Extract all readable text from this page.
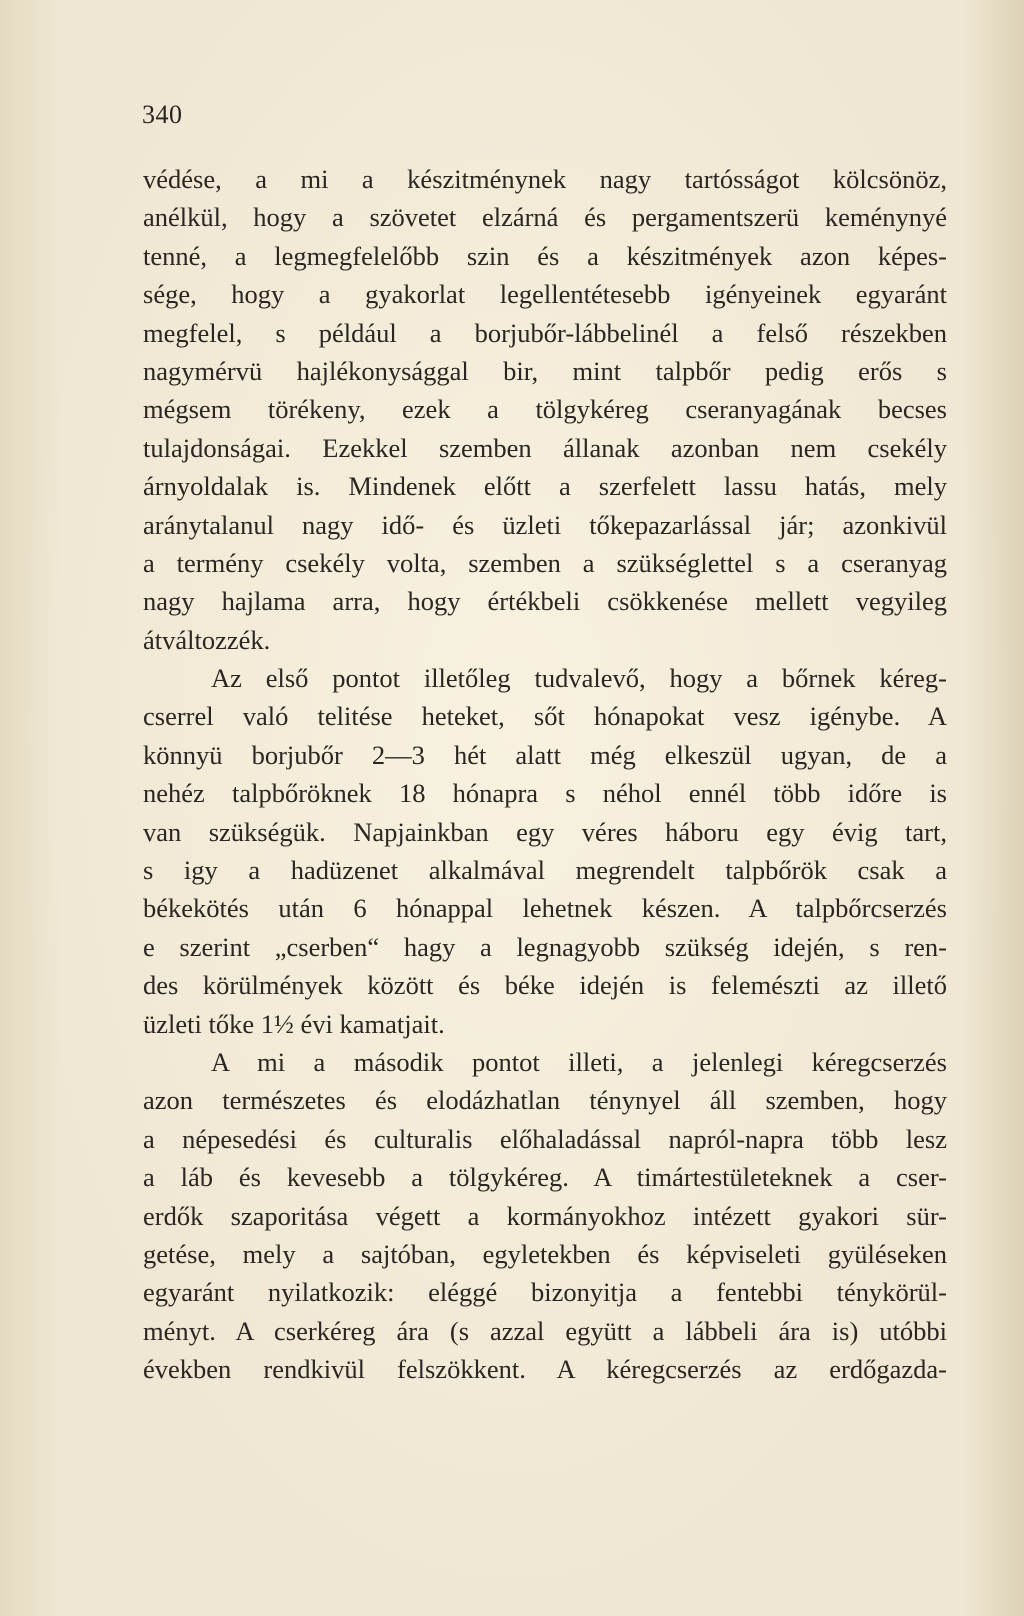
340
védése, a mi a készitménynek nagy tartósságot kölcsönöz,
anélkül, hogy a szövetet elzárná és pergamentszerü keménynyé
tenné, a legmegfelelőbb szin és a készitmények azon képes-
sége, hogy a gyakorlat legellentétesebb igényeinek egyaránt
megfelel, s például a borjubőr-lábbelinél a felső részekben
nagymérvü hajlékonysággal bir, mint talpbőr pedig erős s
mégsem törékeny, ezek a tölgykéreg cseranyagának becses
tulajdonságai. Ezekkel szemben állanak azonban nem csekély
árnyoldalak is. Mindenek előtt a szerfelett lassu hatás, mely
aránytalanul nagy idő- és üzleti tőkepazarlással jár; azonkivül
a termény csekély volta, szemben a szükséglettel s a cseranyag
nagy hajlama arra, hogy értékbeli csökkenése mellett vegyileg
átváltozzék.
Az első pontot illetőleg tudvalevő, hogy a bőrnek kéreg-
cserrel való telitése heteket, sőt hónapokat vesz igénybe. A
könnyü borjubőr 2—3 hét alatt még elkeszül ugyan, de a
nehéz talpbőröknek 18 hónapra s néhol ennél több időre is
van szükségük. Napjainkban egy véres háboru egy évig tart,
s igy a hadüzenet alkalmával megrendelt talpbőrök csak a
békekötés után 6 hónappal lehetnek készen. A talpbőrcserzés
e szerint „cserben“ hagy a legnagyobb szükség idején, s ren-
des körülmények között és béke idején is felemészti az illető
üzleti tőke 1½ évi kamatjait.
A mi a második pontot illeti, a jelenlegi kéregcserzés
azon természetes és elodázhatlan ténynyel áll szemben, hogy
a népesedési és culturalis előhaladással napról-napra több lesz
a láb és kevesebb a tölgykéreg. A timártestületeknek a cser-
erdők szaporitása végett a kormányokhoz intézett gyakori sür-
getése, mely a sajtóban, egyletekben és képviseleti gyüléseken
egyaránt nyilatkozik: eléggé bizonyitja a fentebbi ténykörül-
ményt. A cserkéreg ára (s azzal együtt a lábbeli ára is) utóbbi
években rendkivül felszökkent. A kéregcserzés az erdőgazda-
